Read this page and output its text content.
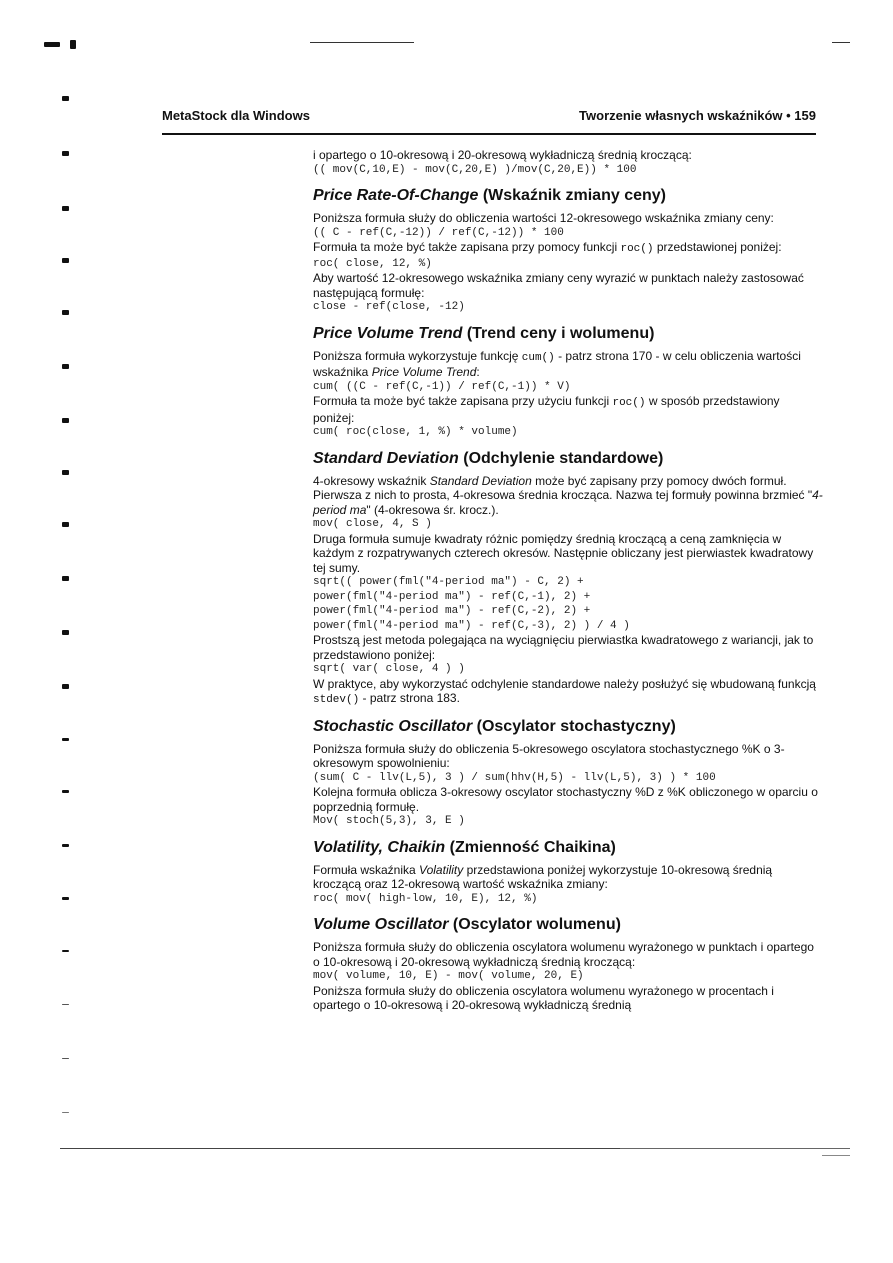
MetaStock dla Windows	Tworzenie własnych wskaźników • 159

i opartego o 10-okresową i 20-okresową wykładniczą średnią kroczącą:

(( mov(C,10,E) - mov(C,20,E) )/mov(C,20,E)) * 100
Price Rate-Of-Change (Wskaźnik zmiany ceny)

Poniższa formuła służy do obliczenia wartości 12-okresowego wskaźnika zmiany ceny:

(( C - ref(C,-12)) / ref(C,-12)) * 100

Formuła ta może być także zapisana przy pomocy funkcji roc() przedstawionej poniżej:

roc( close, 12, %)

Aby wartość 12-okresowego wskaźnika zmiany ceny wyrazić w punktach należy zastosować następującą formułę:

close - ref(close, -12)
Price Volume Trend (Trend ceny i wolumenu)

Poniższa formuła wykorzystuje funkcję cum() - patrz strona 170 - w celu obliczenia wartości wskaźnika Price Volume Trend:

cum( ((C - ref(C,-1)) / ref(C,-1)) * V)

Formuła ta może być także zapisana przy użyciu funkcji roc() w sposób przedstawiony poniżej:

cum( roc(close, 1, %) * volume)
Standard Deviation (Odchylenie standardowe)

4-okresowy wskaźnik Standard Deviation może być zapisany przy pomocy dwóch formuł. Pierwsza z nich to prosta, 4-okresowa średnia krocząca. Nazwa tej formuły powinna brzmieć "4-period ma" (4-okresowa śr. krocz.).

mov( close, 4, S )

Druga formuła sumuje kwadraty różnic pomiędzy średnią kroczącą a ceną zamknięcia w każdym z rozpatrywanych czterech okresów. Następnie obliczany jest pierwiastek kwadratowy tej sumy.

sqrt(( power(fml("4-period ma") - C, 2) +
power(fml("4-period ma") - ref(C,-1), 2) +
power(fml("4-period ma") - ref(C,-2), 2) +
power(fml("4-period ma") - ref(C,-3), 2) ) / 4 )

Prostszą jest metoda polegająca na wyciągnięciu pierwiastka kwadratowego z wariancji, jak to przedstawiono poniżej:

sqrt( var( close, 4 ) )

W praktyce, aby wykorzystać odchylenie standardowe należy posłużyć się wbudowaną funkcją stdev() - patrz strona 183.

Stochastic Oscillator (Oscylator stochastyczny)

Poniższa formuła służy do obliczenia 5-okresowego oscylatora stochastycznego %K o 3-okresowym spowolnieniu:

(sum( C - llv(L,5), 3 ) / sum(hhv(H,5) - llv(L,5), 3) ) * 100

Kolejna formuła oblicza 3-okresowy oscylator stochastyczny %D z %K obliczonego w oparciu o poprzednią formułę.

Mov( stoch(5,3), 3, E )
Volatility, Chaikin (Zmienność Chaikina)

Formuła wskaźnika Volatility przedstawiona poniżej wykorzystuje 10-okresową średnią kroczącą oraz 12-okresową wartość wskaźnika zmiany:

roc( mov( high-low, 10, E), 12, %)
Volume Oscillator (Oscylator wolumenu)

Poniższa formuła służy do obliczenia oscylatora wolumenu wyrażonego w punktach i opartego o 10-okresową i 20-okresową wykładniczą średnią kroczącą:

mov( volume, 10, E) - mov( volume, 20, E)

Poniższa formuła służy do obliczenia oscylatora wolumenu wyrażonego w procentach i opartego o 10-okresową i 20-okresową wykładniczą średnią
